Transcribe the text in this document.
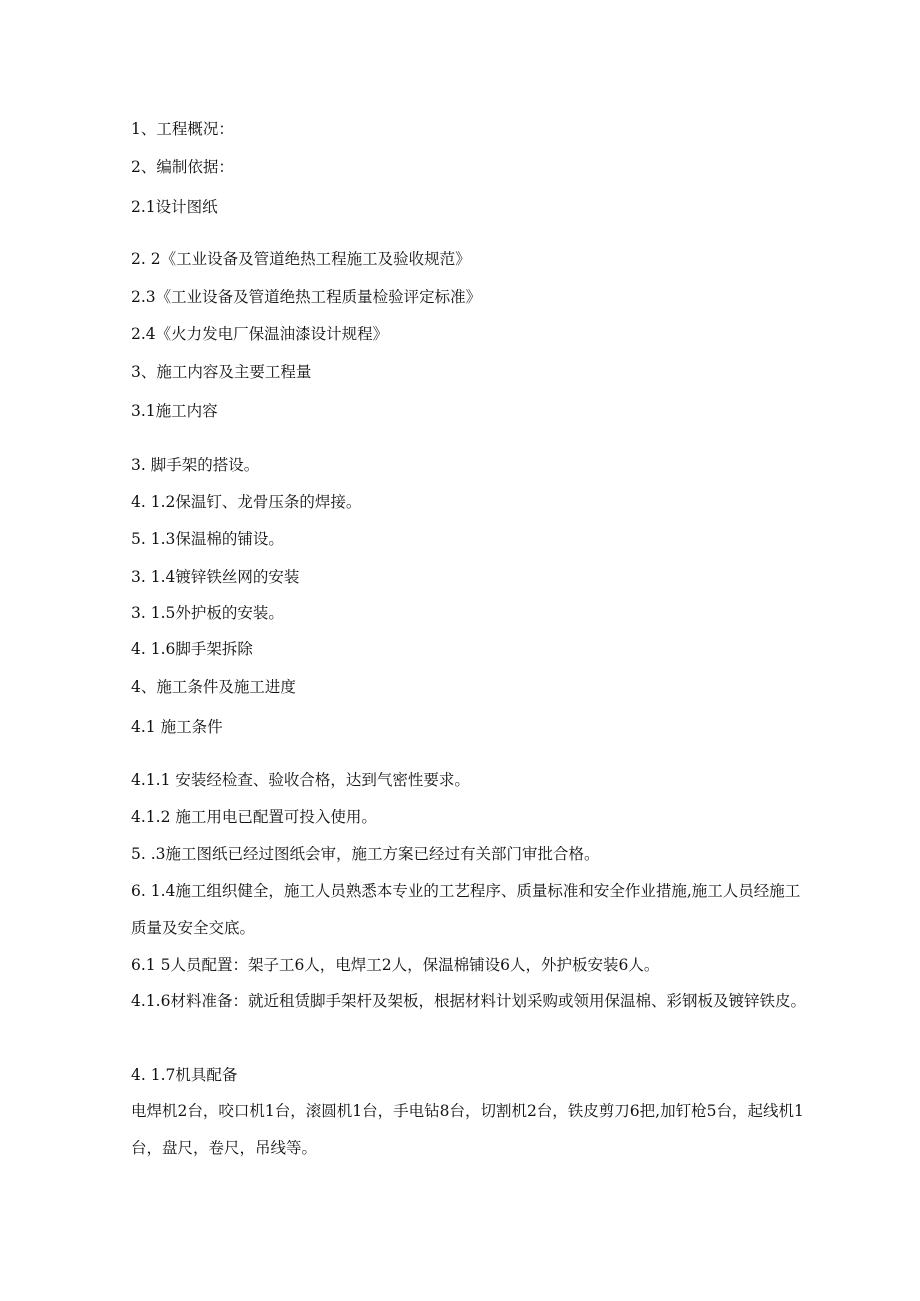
1、工程概况：

2、编制依据：

2.1设计图纸

2. 2《工业设备及管道绝热工程施工及验收规范》

2.3《工业设备及管道绝热工程质量检验评定标准》

2.4《火力发电厂保温油漆设计规程》

3、施工内容及主要工程量

3.1施工内容

3. 脚手架的搭设。

4. 1.2保温钉、龙骨压条的焊接。

5. 1.3保温棉的铺设。

3. 1.4镀锌铁丝网的安装

3. 1.5外护板的安装。

4. 1.6脚手架拆除

4、施工条件及施工进度

4.1 施工条件

4.1.1 安装经检查、验收合格，达到气密性要求。

4.1.2 施工用电已配置可投入使用。

5. .3施工图纸已经过图纸会审，施工方案已经过有关部门审批合格。

6. 1.4施工组织健全，施工人员熟悉本专业的工艺程序、质量标准和安全作业措施,施工人员经施工质量及安全交底。

6.1 5人员配置：架子工6人，电焊工2人，保温棉铺设6人，外护板安装6人。

4.1.6材料准备：就近租赁脚手架杆及架板，根据材料计划采购或领用保温棉、彩钢板及镀锌铁皮。

4. 1.7机具配备

电焊机2台，咬口机1台，滚圆机1台，手电钻8台，切割机2台，铁皮剪刀6把,加钉枪5台，起线机1台，盘尺，卷尺，吊线等。
